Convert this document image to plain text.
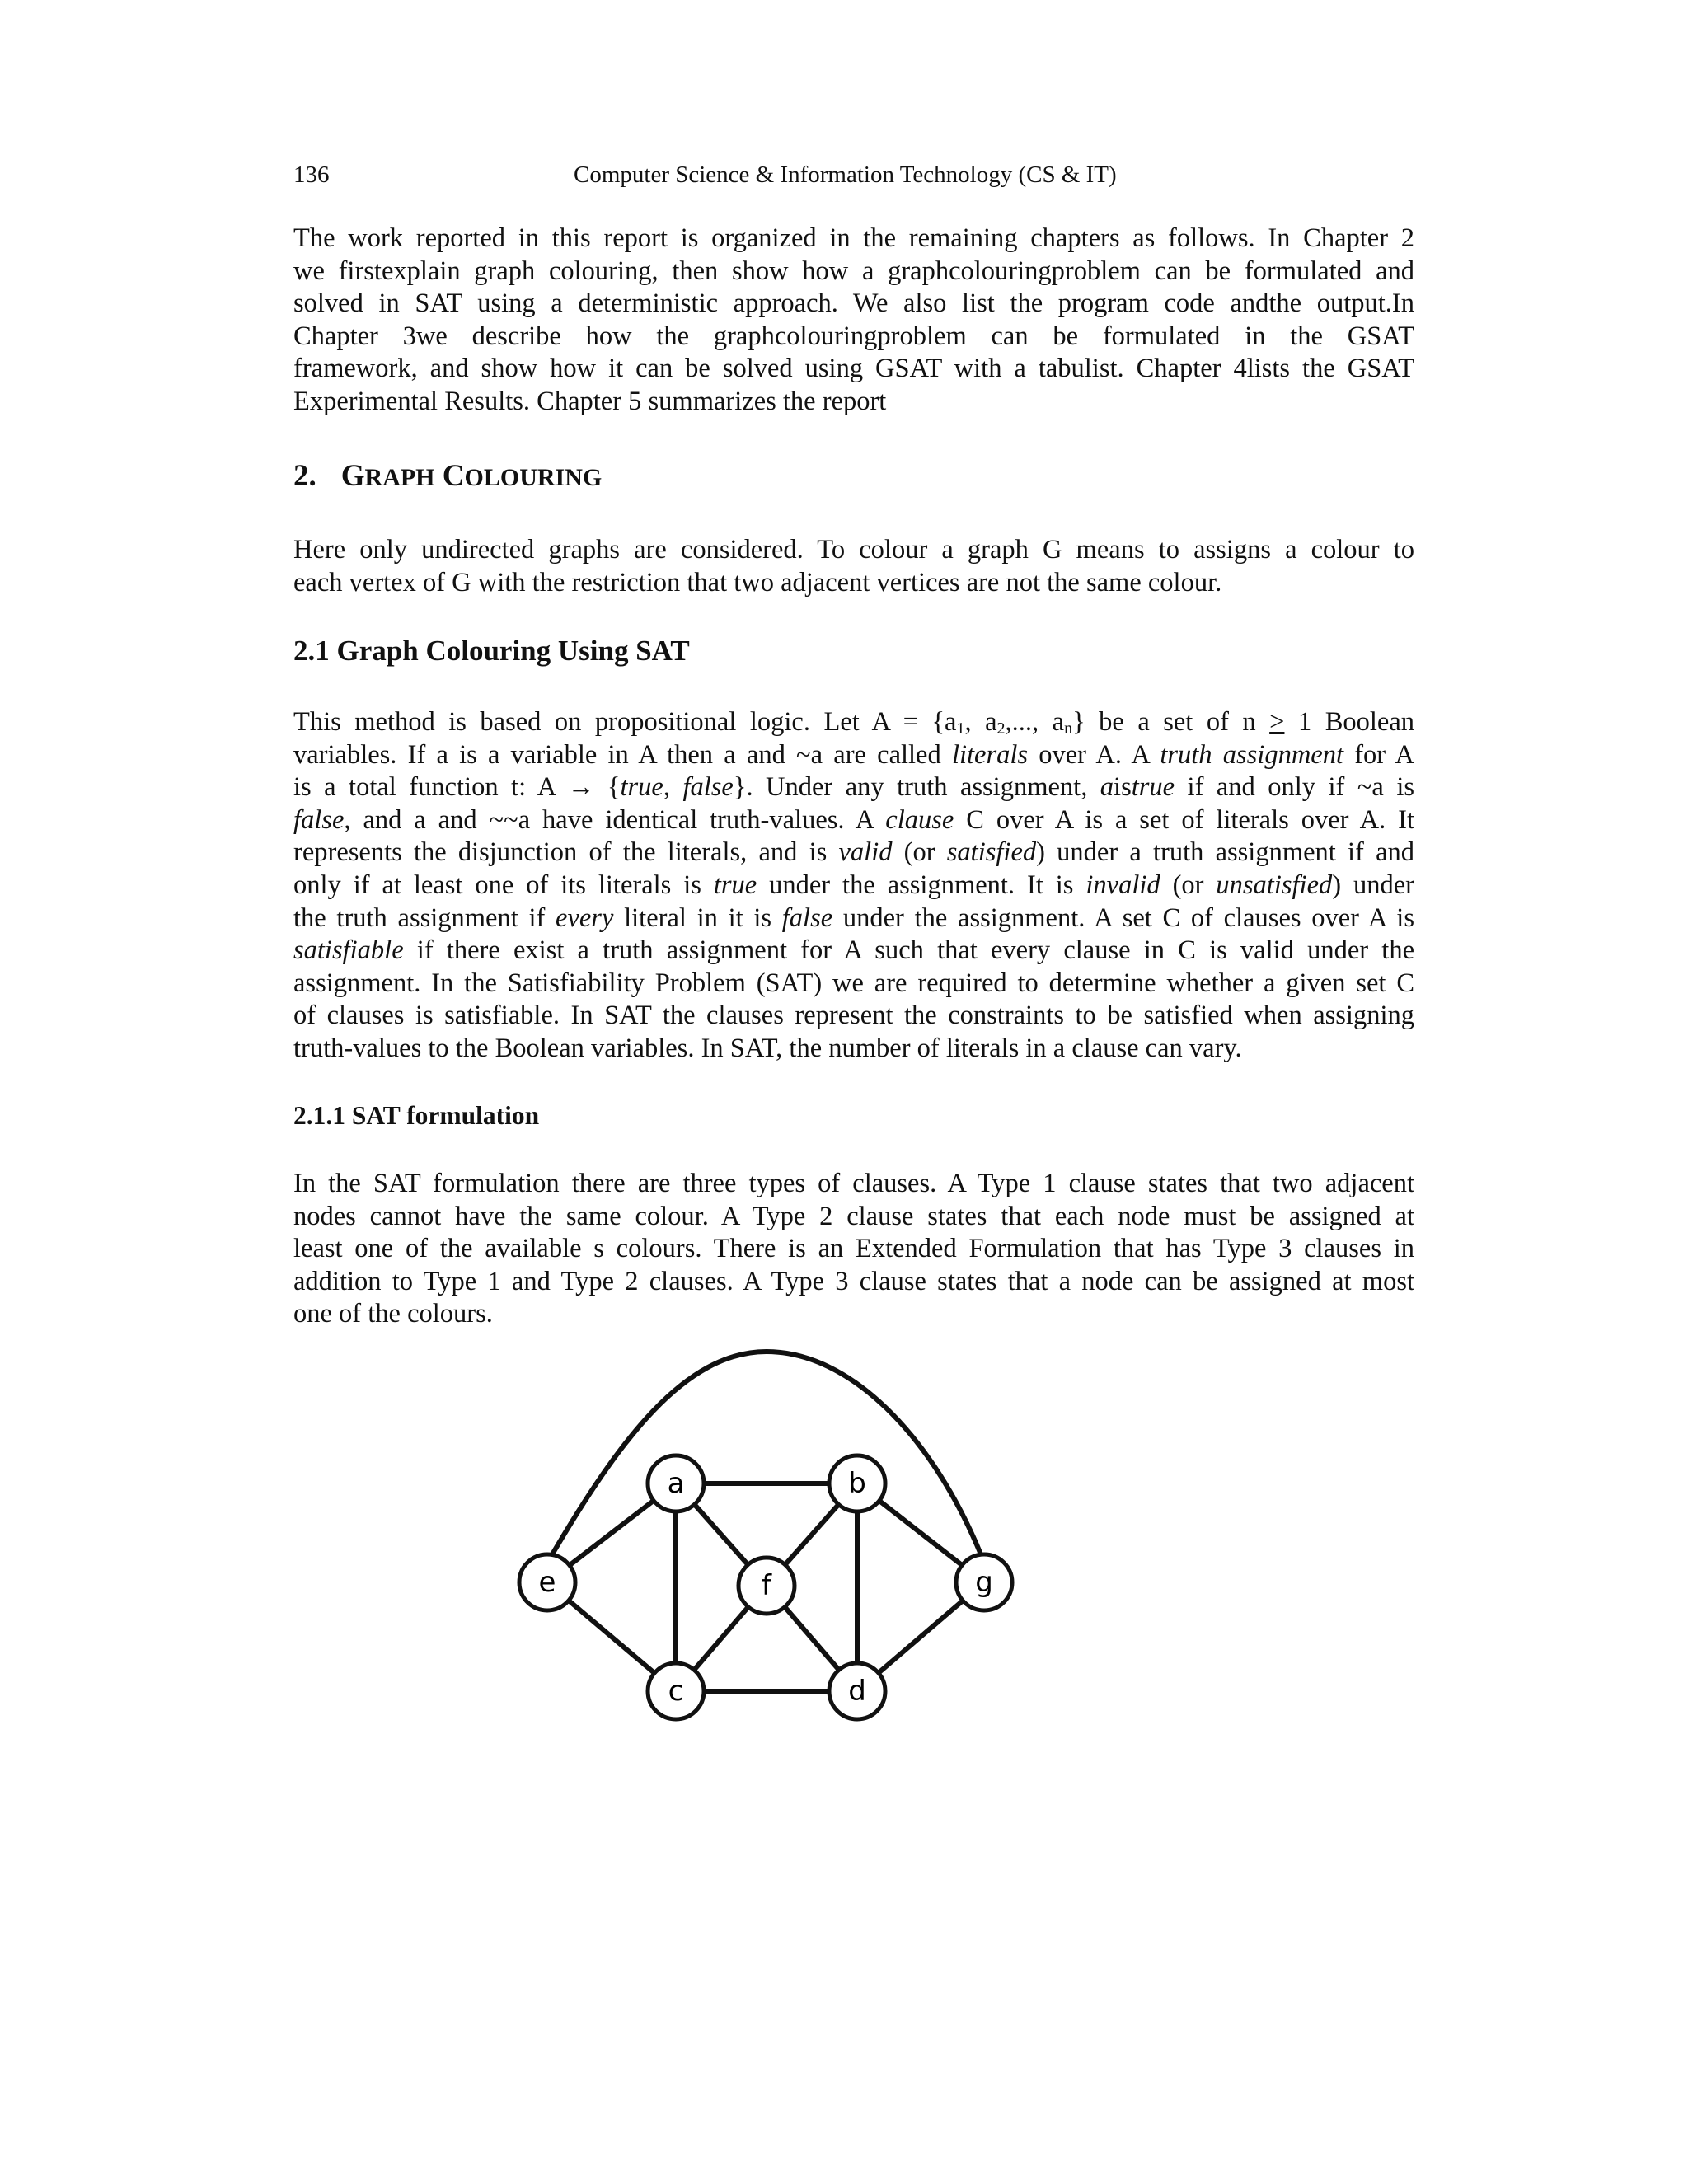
136	Computer Science & Information Technology (CS & IT)
The work reported in this report is organized in the remaining chapters as follows. In Chapter 2
we firstexplain graph colouring, then show how a graphcolouringproblem can be formulated and
solved in SAT using a deterministic approach. We also list the program code andthe output.In
Chapter 3we describe how the graphcolouringproblem can be formulated in the GSAT
framework, and show how it can be solved using GSAT with a tabulist. Chapter 4lists the GSAT
Experimental Results. Chapter 5 summarizes the report
2. GRAPH COLOURING
Here only undirected graphs are considered. To colour a graph G means to assigns a colour to
each vertex of G with the restriction that two adjacent vertices are not the same colour.
2.1 Graph Colouring Using SAT
This method is based on propositional logic. Let $A = \{a_1$, $a_2$,..., $a_n$} be a set of n > 1 Boolean
variables. If a is a variable in A then a and ~a are called literals over A. A truth assignment for A
is a total function t: A → {true, false}. Under any truth assignment, aistrue if and only if ~a is
false, and a and ~~a have identical truth-values. A clause C over A is a set of literals over A. It
represents the disjunction of the literals, and is valid (or satisfied) under a truth assignment if and
only if at least one of its literals is true under the assignment. It is invalid (or unsatisfied) under
the truth assignment if every literal in it is false under the assignment. A set C of clauses over A is
satisfiable if there exist a truth assignment for A such that every clause in C is valid under the
assignment. In the Satisfiability Problem (SAT) we are required to determine whether a given set C
of clauses is satisfiable. In SAT the clauses represent the constraints to be satisfied when assigning
truth-values to the Boolean variables. In SAT, the number of literals in a clause can vary.
2.1.1 SAT formulation
In the SAT formulation there are three types of clauses. A Type 1 clause states that two adjacent
nodes cannot have the same colour. A Type 2 clause states that each node must be assigned at
least one of the available s colours. There is an Extended Formulation that has Type 3 clauses in
addition to Type 1 and Type 2 clauses. A Type 3 clause states that a node can be assigned at most
one of the colours.
a	b
e	f	g
c	d
